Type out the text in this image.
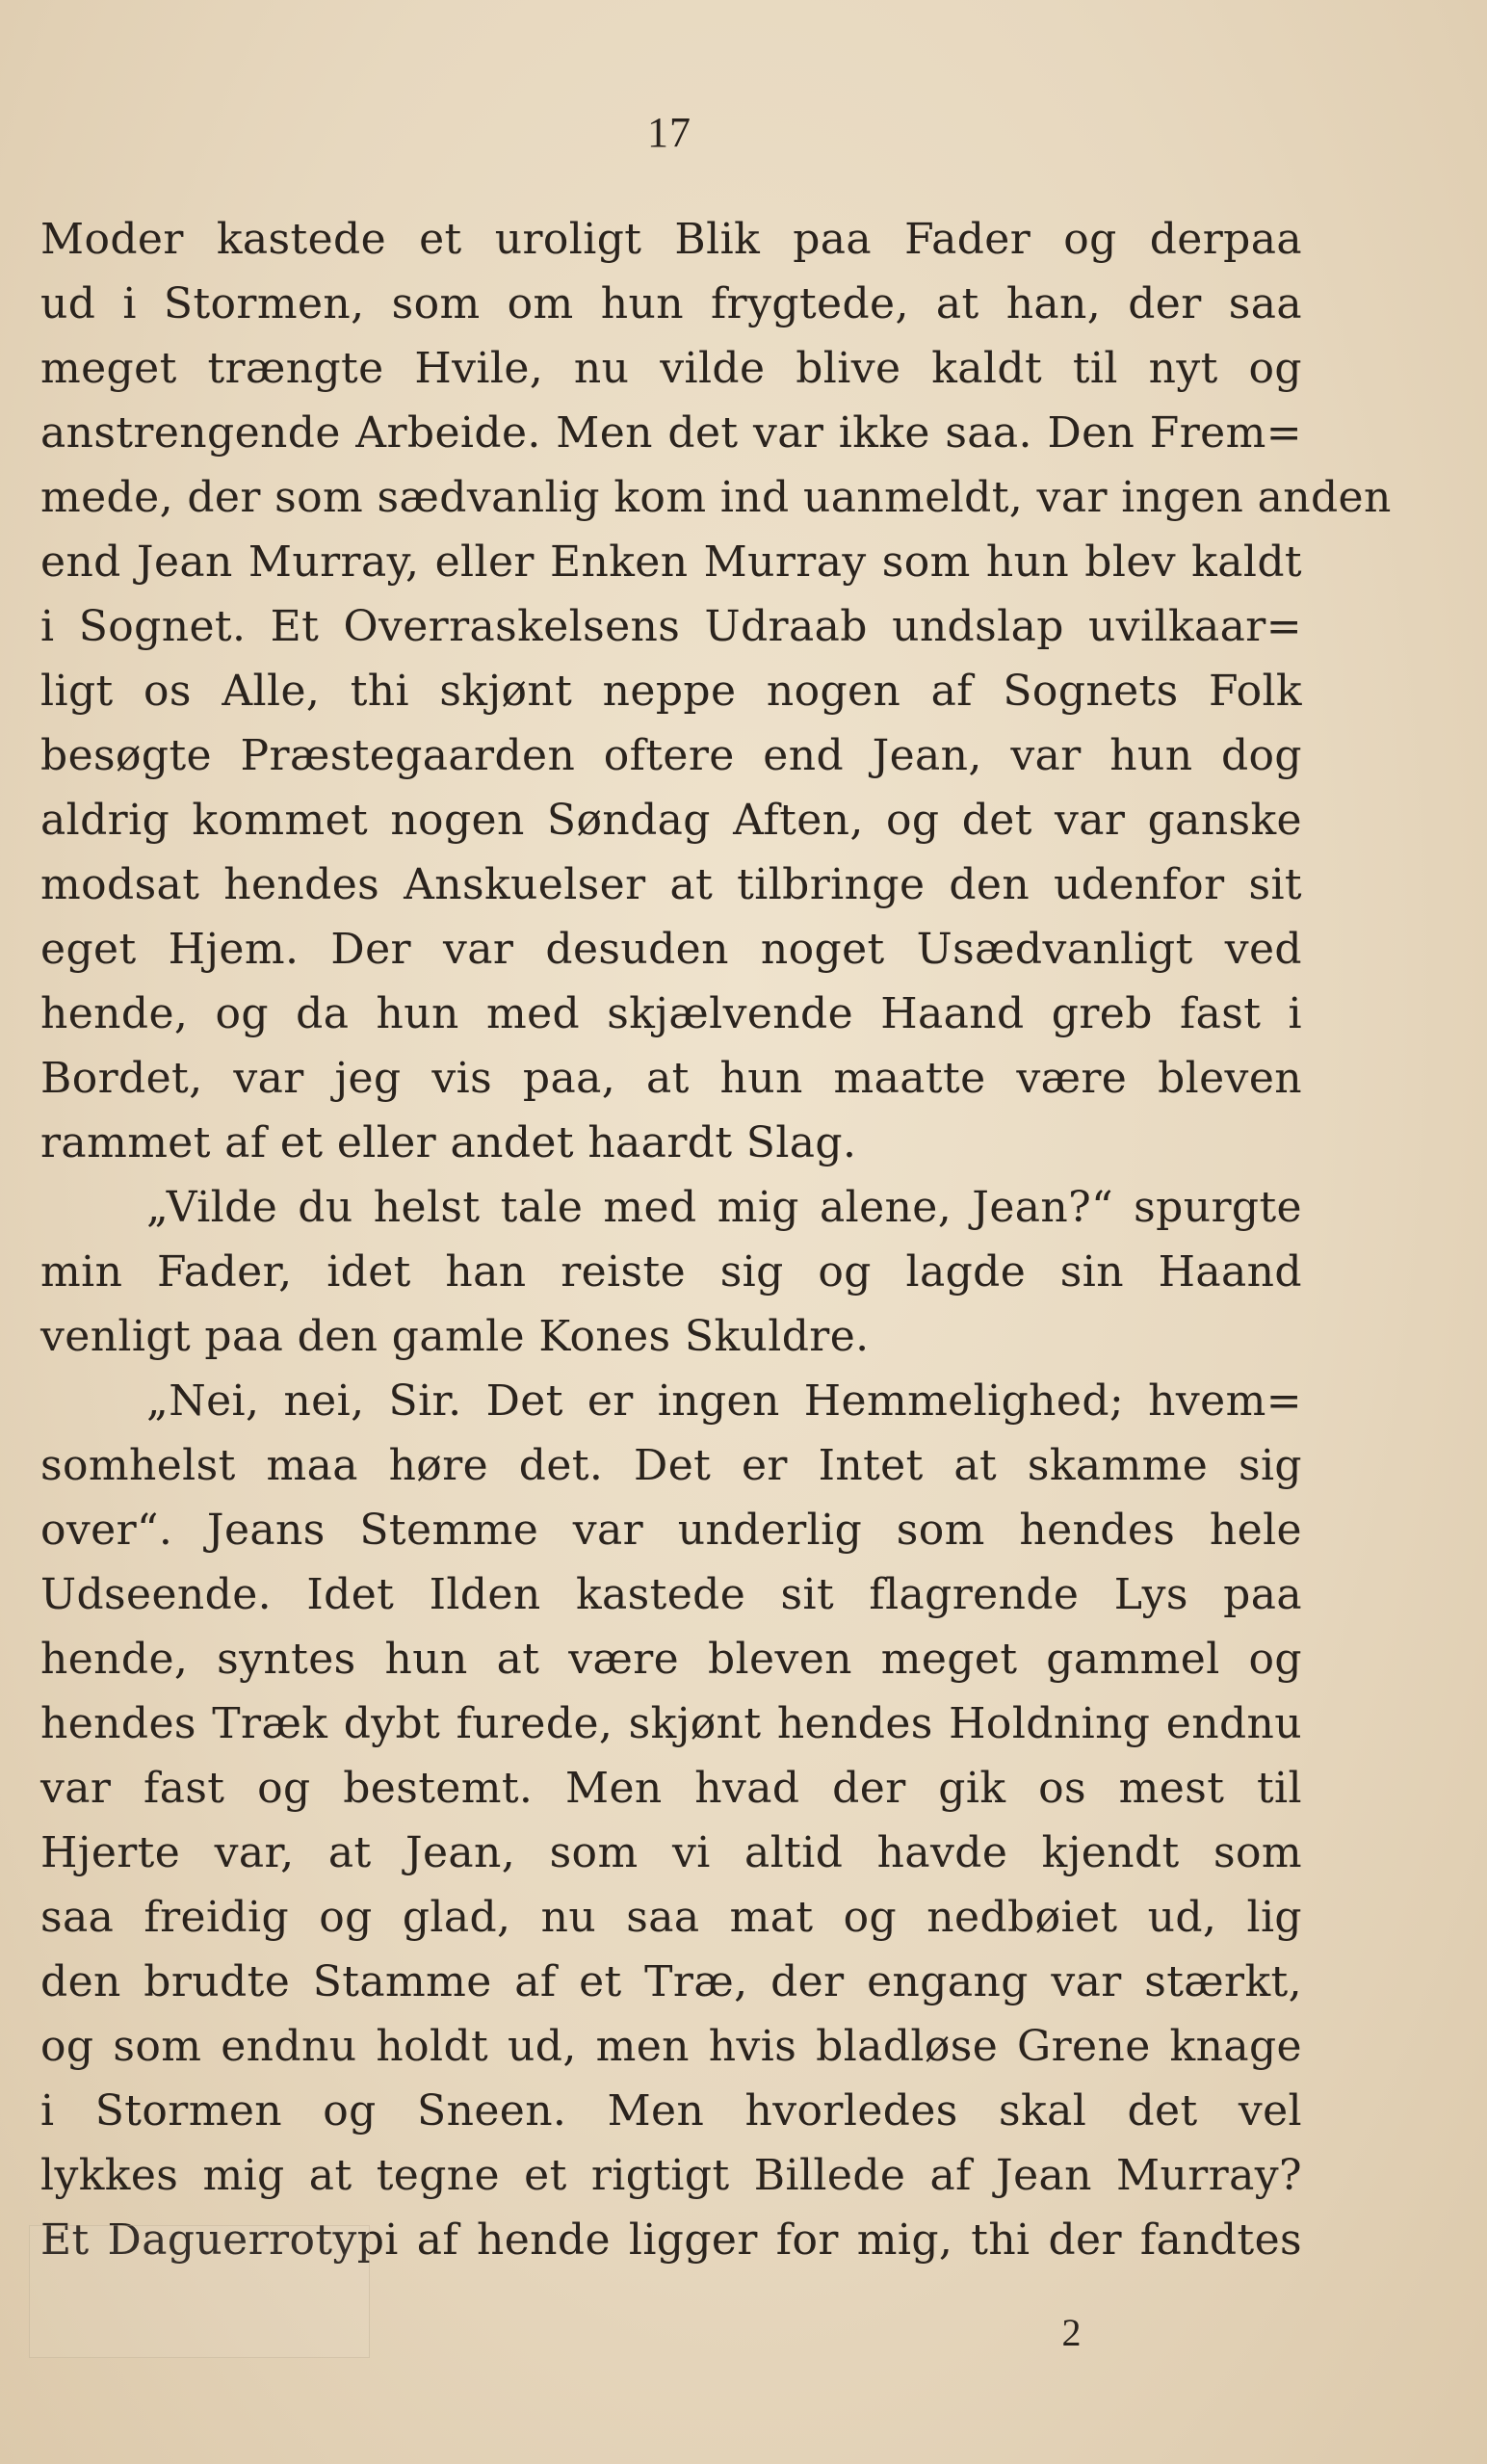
17
Moder kastede et uroligt Blik paa Fader og derpaa
ud i Stormen, som om hun frygtede, at han, der saa
meget trængte Hvile, nu vilde blive kaldt til nyt og
anstrengende Arbeide. Men det var ikke saa. Den Frem=
mede, der som sædvanlig kom ind uanmeldt, var ingen anden
end Jean Murray, eller Enken Murray som hun blev kaldt
i Sognet. Et Overraskelsens Udraab undslap uvilkaar=
ligt os Alle, thi skjønt neppe nogen af Sognets Folk
besøgte Præstegaarden oftere end Jean, var hun dog
aldrig kommet nogen Søndag Aften, og det var ganske
modsat hendes Anskuelser at tilbringe den udenfor sit
eget Hjem. Der var desuden noget Usædvanligt ved
hende, og da hun med skjælvende Haand greb fast i
Bordet, var jeg vis paa, at hun maatte være bleven
rammet af et eller andet haardt Slag.
„Vilde du helst tale med mig alene, Jean?“ spurgte
min Fader, idet han reiste sig og lagde sin Haand
venligt paa den gamle Kones Skuldre.
„Nei, nei, Sir. Det er ingen Hemmelighed; hvem=
somhelst maa høre det. Det er Intet at skamme sig
over“. Jeans Stemme var underlig som hendes hele
Udseende. Idet Ilden kastede sit flagrende Lys paa
hende, syntes hun at være bleven meget gammel og
hendes Træk dybt furede, skjønt hendes Holdning endnu
var fast og bestemt. Men hvad der gik os mest til
Hjerte var, at Jean, som vi altid havde kjendt som
saa freidig og glad, nu saa mat og nedbøiet ud, lig
den brudte Stamme af et Træ, der engang var stærkt,
og som endnu holdt ud, men hvis bladløse Grene knage
i Stormen og Sneen. Men hvorledes skal det vel
lykkes mig at tegne et rigtigt Billede af Jean Murray?
Et Daguerrotypi af hende ligger for mig, thi der fandtes
2
